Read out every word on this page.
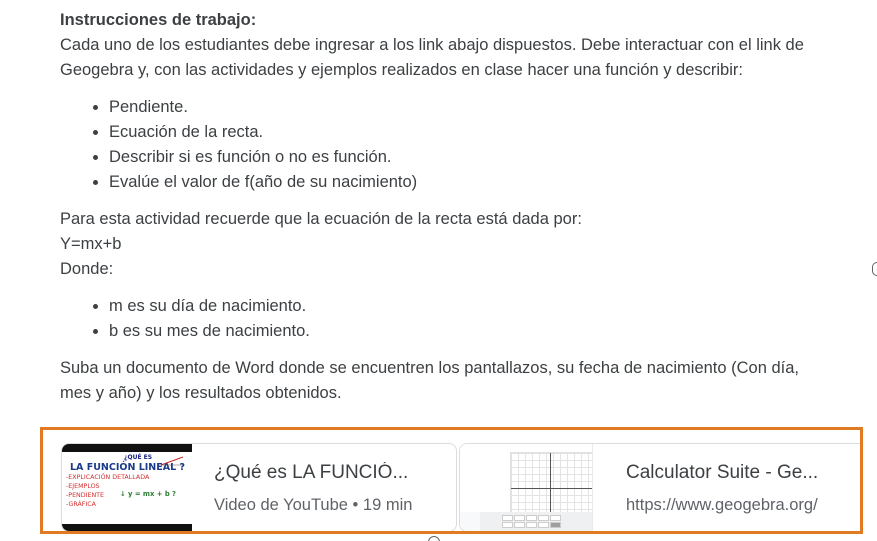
Instrucciones de trabajo:

Cada uno de los estudiantes debe ingresar a los link abajo dispuestos. Debe interactuar con el link de

Geogebra y, con las actividades y ejemplos realizados en clase hacer una función y describir:

• Pendiente.
• Ecuación de la recta.
• Describir si es función o no es función.
• Evalúe el valor de f(año de su nacimiento)

Para esta actividad recuerde que la ecuación de la recta está dada por:

Y=mx+b

Donde:

• m es su día de nacimiento.
• b es su mes de nacimiento.

Suba un documento de Word donde se encuentren los pantallazos, su fecha de nacimiento (Con día,

mes y año) y los resultados obtenidos.

¿QUÉ ES
LA FUNCIÓN LINEAL ?
-EXPLICACIÓN DETALLADA
-EJEMPLOS
-PENDIENTE
-GRÁFICA
↓ y = mx + b ?
¿Qué es LA FUNCIÓ...
Video de YouTube • 19 min
Calculator Suite - Ge...
https://www.geogebra.org/
